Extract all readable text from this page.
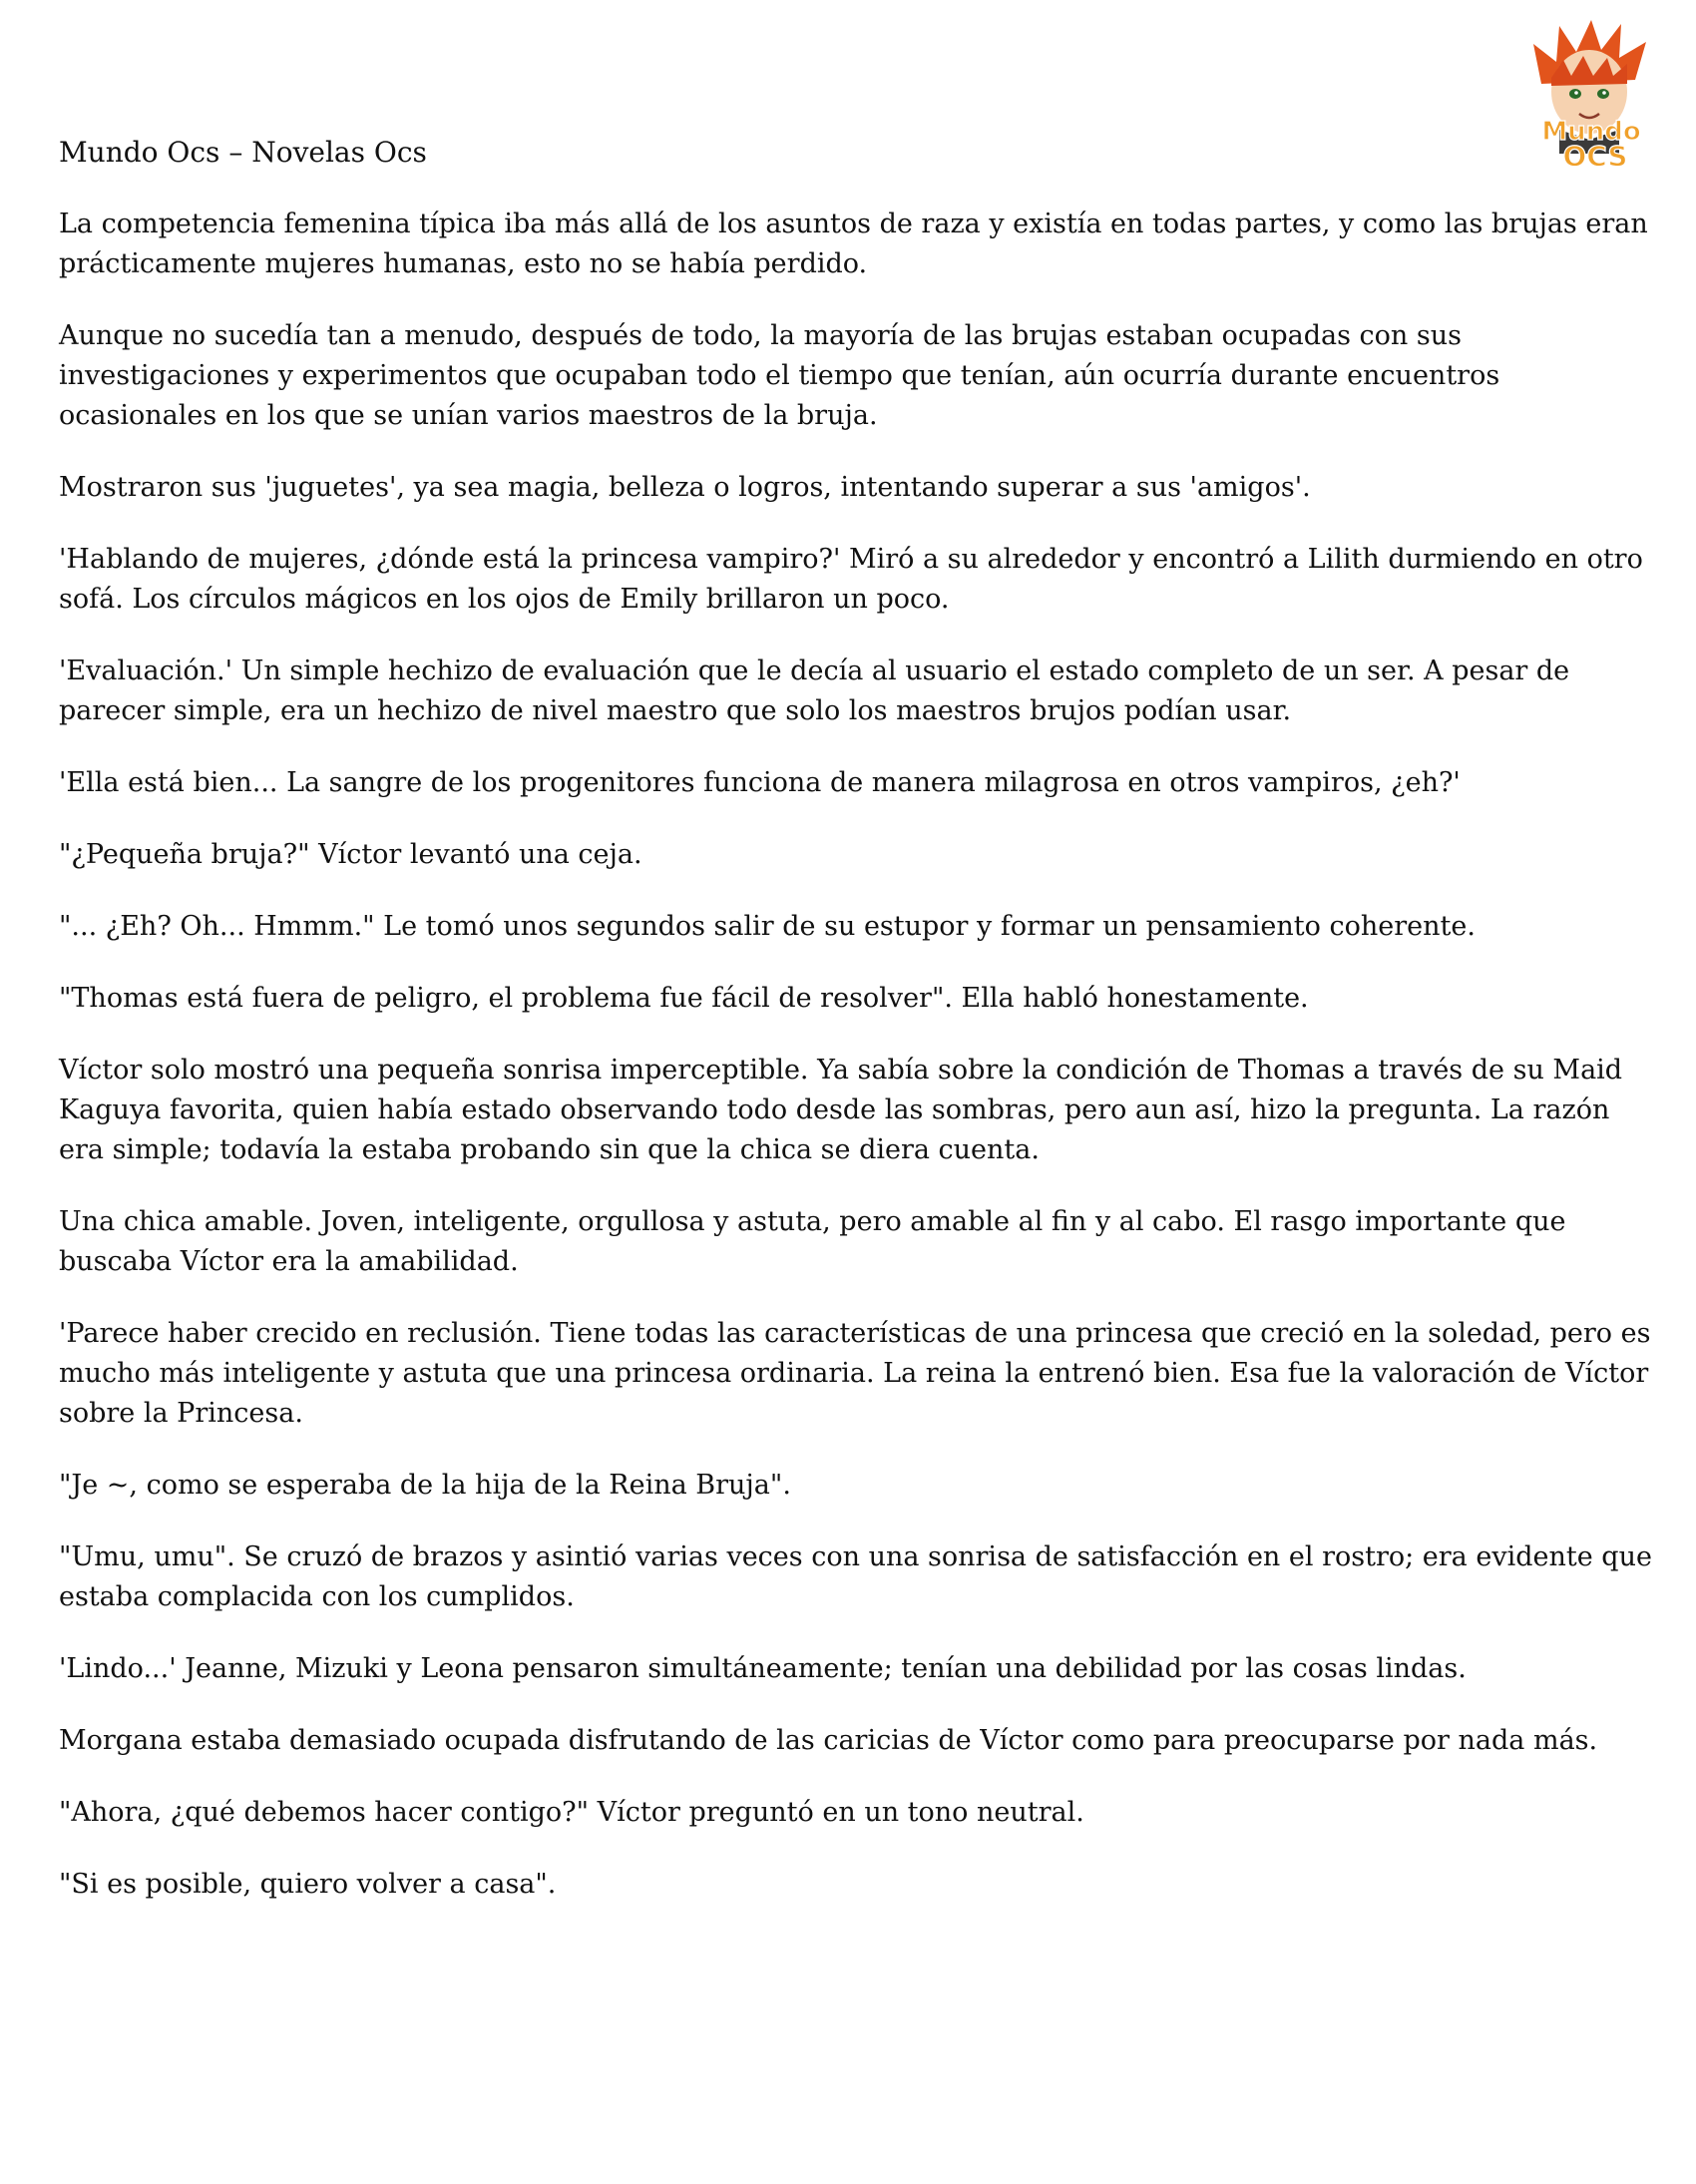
Mundo
OCS

Mundo Ocs – Novelas Ocs

La competencia femenina típica iba más allá de los asuntos de raza y existía en todas partes, y como las brujas eran prácticamente mujeres humanas, esto no se había perdido.

Aunque no sucedía tan a menudo, después de todo, la mayoría de las brujas estaban ocupadas con sus investigaciones y experimentos que ocupaban todo el tiempo que tenían, aún ocurría durante encuentros ocasionales en los que se unían varios maestros de la bruja.

Mostraron sus 'juguetes', ya sea magia, belleza o logros, intentando superar a sus 'amigos'.

'Hablando de mujeres, ¿dónde está la princesa vampiro?' Miró a su alrededor y encontró a Lilith durmiendo en otro sofá. Los círculos mágicos en los ojos de Emily brillaron un poco.

'Evaluación.' Un simple hechizo de evaluación que le decía al usuario el estado completo de un ser. A pesar de parecer simple, era un hechizo de nivel maestro que solo los maestros brujos podían usar.

'Ella está bien... La sangre de los progenitores funciona de manera milagrosa en otros vampiros, ¿eh?'

"¿Pequeña bruja?" Víctor levantó una ceja.

"... ¿Eh? Oh... Hmmm." Le tomó unos segundos salir de su estupor y formar un pensamiento coherente.

"Thomas está fuera de peligro, el problema fue fácil de resolver". Ella habló honestamente.

Víctor solo mostró una pequeña sonrisa imperceptible. Ya sabía sobre la condición de Thomas a través de su Maid Kaguya favorita, quien había estado observando todo desde las sombras, pero aun así, hizo la pregunta. La razón era simple; todavía la estaba probando sin que la chica se diera cuenta.

Una chica amable. Joven, inteligente, orgullosa y astuta, pero amable al fin y al cabo. El rasgo importante que buscaba Víctor era la amabilidad.

'Parece haber crecido en reclusión. Tiene todas las características de una princesa que creció en la soledad, pero es mucho más inteligente y astuta que una princesa ordinaria. La reina la entrenó bien. Esa fue la valoración de Víctor sobre la Princesa.

"Je ~, como se esperaba de la hija de la Reina Bruja".

"Umu, umu". Se cruzó de brazos y asintió varias veces con una sonrisa de satisfacción en el rostro; era evidente que estaba complacida con los cumplidos.

'Lindo...' Jeanne, Mizuki y Leona pensaron simultáneamente; tenían una debilidad por las cosas lindas.

Morgana estaba demasiado ocupada disfrutando de las caricias de Víctor como para preocuparse por nada más.

"Ahora, ¿qué debemos hacer contigo?" Víctor preguntó en un tono neutral.

"Si es posible, quiero volver a casa".
